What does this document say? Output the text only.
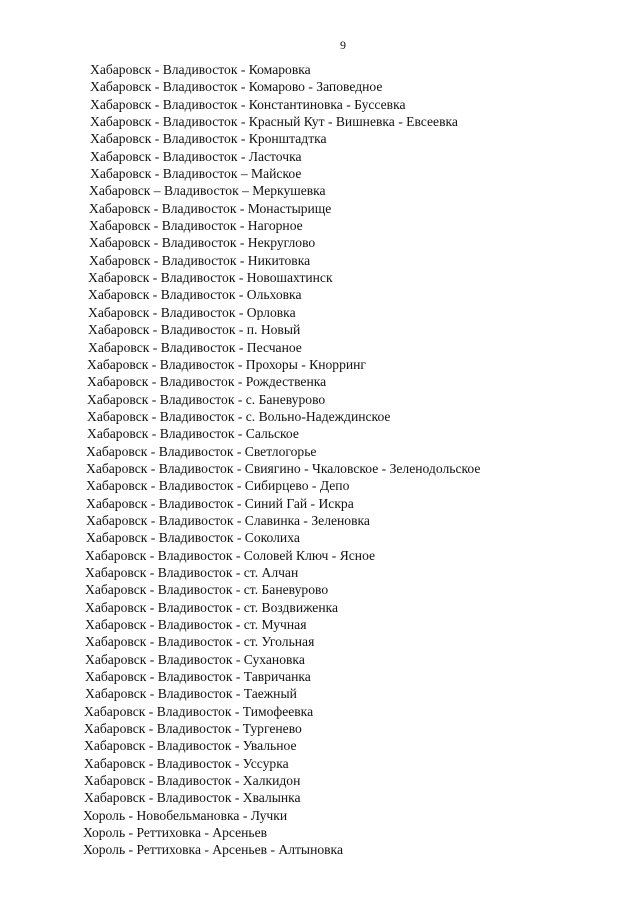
9
Хабаровск - Владивосток - Комаровка
Хабаровск - Владивосток - Комарово - Заповедное
Хабаровск - Владивосток - Константиновка - Буссевка
Хабаровск - Владивосток - Красный Кут - Вишневка - Евсеевка
Хабаровск - Владивосток - Кронштадтка
Хабаровск - Владивосток - Ласточка
Хабаровск - Владивосток – Майское
Хабаровск – Владивосток – Меркушевка
Хабаровск - Владивосток - Монастырище
Хабаровск - Владивосток - Нагорное
Хабаровск - Владивосток - Некруглово
Хабаровск - Владивосток - Никитовка
Хабаровск - Владивосток - Новошахтинск
Хабаровск - Владивосток - Ольховка
Хабаровск - Владивосток - Орловка
Хабаровск - Владивосток - п. Новый
Хабаровск - Владивосток - Песчаное
Хабаровск - Владивосток - Прохоры - Кнорринг
Хабаровск - Владивосток - Рождественка
Хабаровск - Владивосток - с. Баневурово
Хабаровск - Владивосток - с. Вольно-Надеждинское
Хабаровск - Владивосток - Сальское
Хабаровск - Владивосток - Светлогорье
Хабаровск - Владивосток - Свиягино - Чкаловское - Зеленодольское
Хабаровск - Владивосток - Сибирцево - Депо
Хабаровск - Владивосток - Синий Гай - Искра
Хабаровск - Владивосток - Славинка - Зеленовка
Хабаровск - Владивосток - Соколиха
Хабаровск - Владивосток - Соловей Ключ - Ясное
Хабаровск - Владивосток - ст. Алчан
Хабаровск - Владивосток - ст. Баневурово
Хабаровск - Владивосток - ст. Воздвиженка
Хабаровск - Владивосток - ст. Мучная
Хабаровск - Владивосток - ст. Угольная
Хабаровск - Владивосток - Сухановка
Хабаровск - Владивосток - Тавричанка
Хабаровск - Владивосток - Таежный
Хабаровск - Владивосток - Тимофеевка
Хабаровск - Владивосток - Тургенево
Хабаровск - Владивосток - Увальное
Хабаровск - Владивосток - Уссурка
Хабаровск - Владивосток - Халкидон
Хабаровск - Владивосток - Хвалынка
Хороль - Новобельмановка - Лучки
Хороль - Реттиховка - Арсеньев
Хороль - Реттиховка - Арсеньев - Алтыновка
